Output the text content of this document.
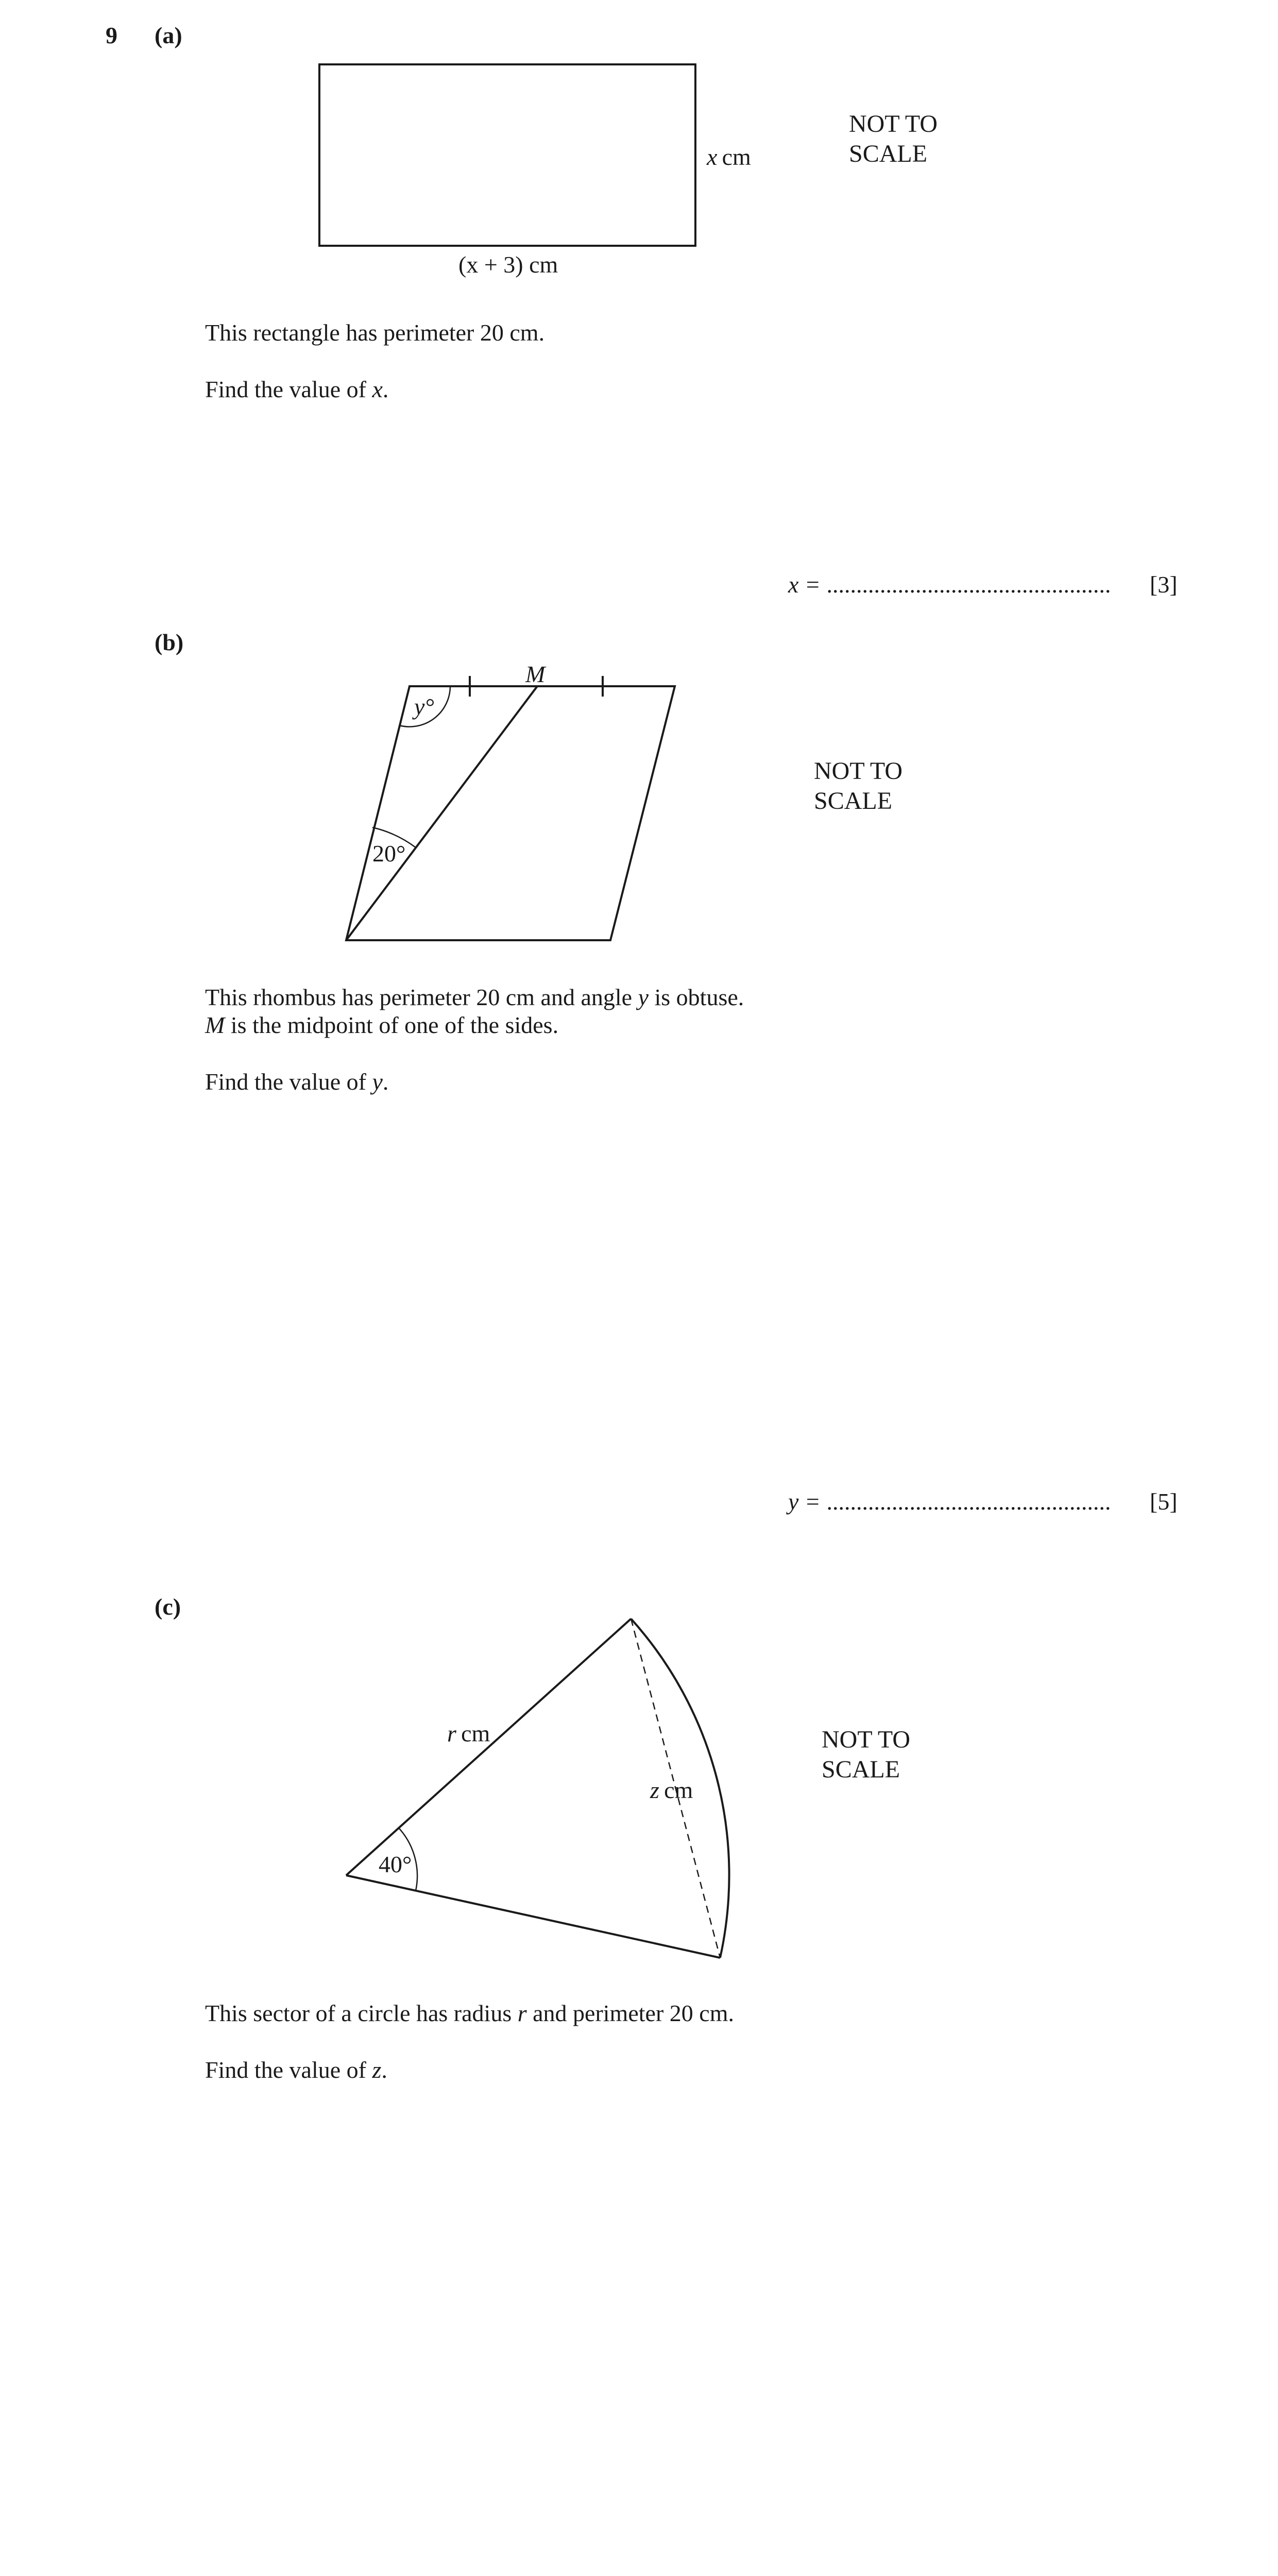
9 (a)
x  cm
(x + 3) cm
NOT TO
SCALE
This rectangle has perimeter 20 cm.
Find the value of x.
x = ................................................ [3]
(b)
y°
20°
M
NOT TO
SCALE
This rhombus has perimeter 20 cm and angle y is obtuse.
M is the midpoint of one of the sides.
Find the value of y.
y = ................................................ [5]
(c)
r  cm
z  cm
40°
NOT TO
SCALE
This sector of a circle has radius r and perimeter 20 cm.
Find the value of z.
